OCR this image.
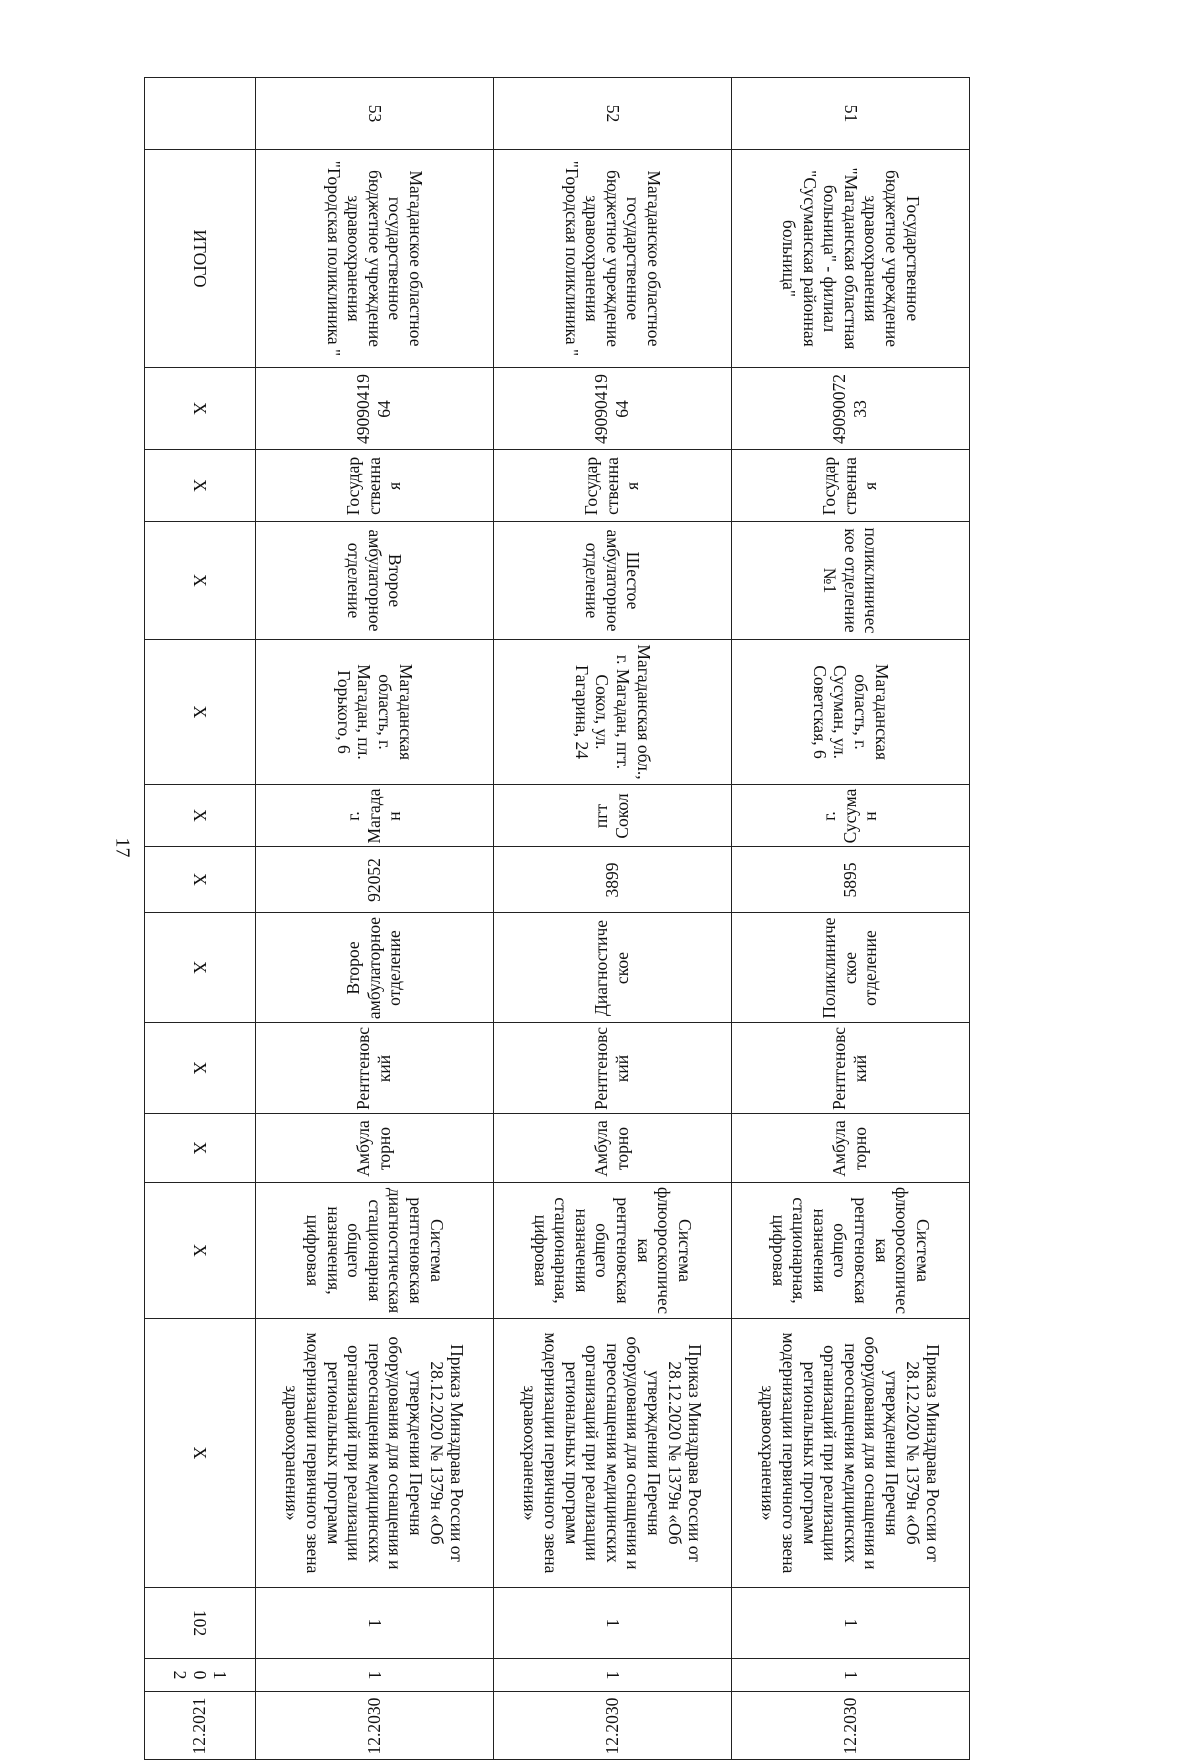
17
51	Государственное бюджетное учреждение здравоохранения "Магаданская областная больница" - филиал "Сусуманская районная больница"	4909007233	Государственная	поликлиническое отделение №1	Магаданская область, г. Сусуман, ул. Советская, 6	г. Сусуман	5895	Поликлиническое отделение	Рентгеновский	Амбулаторно	Система флюороскопическая рентгеновская общего назначения стационарная, цифровая	Приказ Минздрава России от 28.12.2020 № 1379н «Об утверждении Перечня оборудования для оснащения и переоснащения медицинских организаций при реализации региональных программ модернизации первичного звена здравоохранения»	1	1	12.2030
52	Магаданское областное государственное бюджетное учреждение здравоохранения "Городская поликлиника "	4909041964	Государственная	Шестое амбулаторное отделение	Магаданская обл., г. Магадан, пгт. Сокол, ул. Гагарина, 24	пгт Сокол	3899	Диагностическое	Рентгеновский	Амбулаторно	Система флюороскопическая рентгеновская общего назначения стационарная, цифровая	Приказ Минздрава России от 28.12.2020 № 1379н «Об утверждении Перечня оборудования для оснащения и переоснащения медицинских организаций при реализации региональных программ модернизации первичного звена здравоохранения»	1	1	12.2030
53	Магаданское областное государственное бюджетное учреждение здравоохранения "Городская поликлиника "	4909041964	Государственная	Второе амбулаторное отделение	Магаданская область, г. Магадан, пл. Горького, 6	г. Магадан	92052	Второе амбулаторное отделение	Рентгеновский	Амбулаторно	Система рентгеновская диагностическая стационарная общего назначения, цифровая	Приказ Минздрава России от 28.12.2020 № 1379н «Об утверждении Перечня оборудования для оснащения и переоснащения медицинских организаций при реализации региональных программ модернизации первичного звена здравоохранения»	1	1	12.2030
	ИТОГО	X	X	X	X	X	X	X	X	X	X	X	102	102	12.2021
